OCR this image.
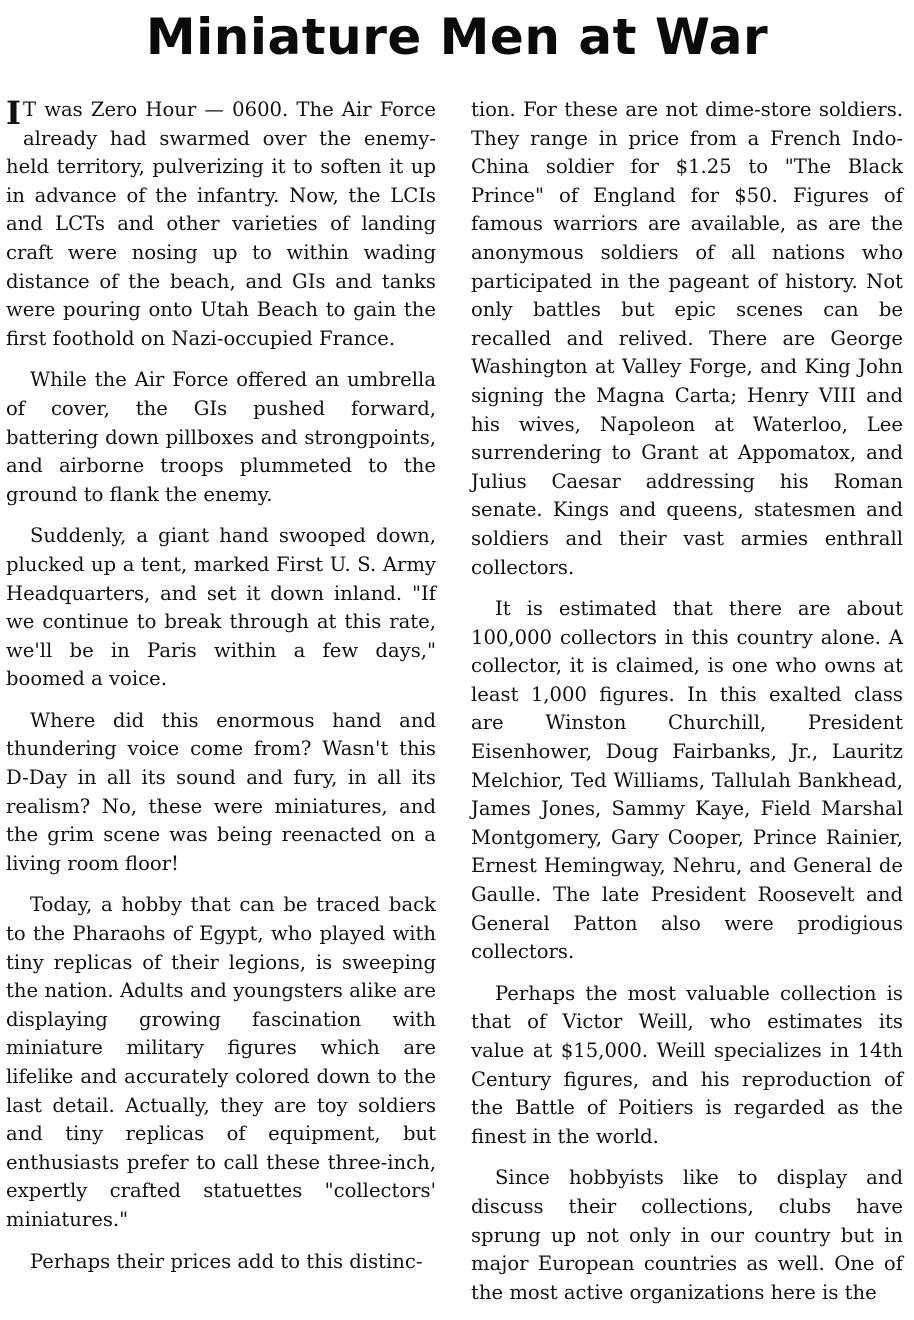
Miniature Men at War

I T was Zero Hour — 0600. The Air Force already had swarmed over the enemy-held territory, pulverizing it to soften it up in advance of the infantry. Now, the LCIs and LCTs and other varieties of landing craft were nosing up to within wading distance of the beach, and GIs and tanks were pouring onto Utah Beach to gain the first foothold on Nazi-occupied France.

While the Air Force offered an umbrella of cover, the GIs pushed forward, battering down pillboxes and strongpoints, and airborne troops plummeted to the ground to flank the enemy.

Suddenly, a giant hand swooped down, plucked up a tent, marked First U. S. Army Headquarters, and set it down inland. "If we continue to break through at this rate, we'll be in Paris within a few days," boomed a voice.

Where did this enormous hand and thundering voice come from? Wasn't this D-Day in all its sound and fury, in all its realism? No, these were miniatures, and the grim scene was being reenacted on a living room floor!

Today, a hobby that can be traced back to the Pharaohs of Egypt, who played with tiny replicas of their legions, is sweeping the nation. Adults and youngsters alike are displaying growing fascination with miniature military figures which are lifelike and accurately colored down to the last detail. Actually, they are toy soldiers and tiny replicas of equipment, but enthusiasts prefer to call these three-inch, expertly crafted statuettes "collectors' miniatures."

Perhaps their prices add to this distinc-

tion. For these are not dime-store soldiers. They range in price from a French Indo-China soldier for $1.25 to "The Black Prince" of England for $50. Figures of famous warriors are available, as are the anonymous soldiers of all nations who participated in the pageant of history. Not only battles but epic scenes can be recalled and relived. There are George Washington at Valley Forge, and King John signing the Magna Carta; Henry VIII and his wives, Napoleon at Waterloo, Lee surrendering to Grant at Appomatox, and Julius Caesar addressing his Roman senate. Kings and queens, statesmen and soldiers and their vast armies enthrall collectors.

It is estimated that there are about 100,000 collectors in this country alone. A collector, it is claimed, is one who owns at least 1,000 figures. In this exalted class are Winston Churchill, President Eisenhower, Doug Fairbanks, Jr., Lauritz Melchior, Ted Williams, Tallulah Bankhead, James Jones, Sammy Kaye, Field Marshal Montgomery, Gary Cooper, Prince Rainier, Ernest Hemingway, Nehru, and General de Gaulle. The late President Roosevelt and General Patton also were prodigious collectors.

Perhaps the most valuable collection is that of Victor Weill, who estimates its value at $15,000. Weill specializes in 14th Century figures, and his reproduction of the Battle of Poitiers is regarded as the finest in the world.

Since hobbyists like to display and discuss their collections, clubs have sprung up not only in our country but in major European countries as well. One of the most active organizations here is the
